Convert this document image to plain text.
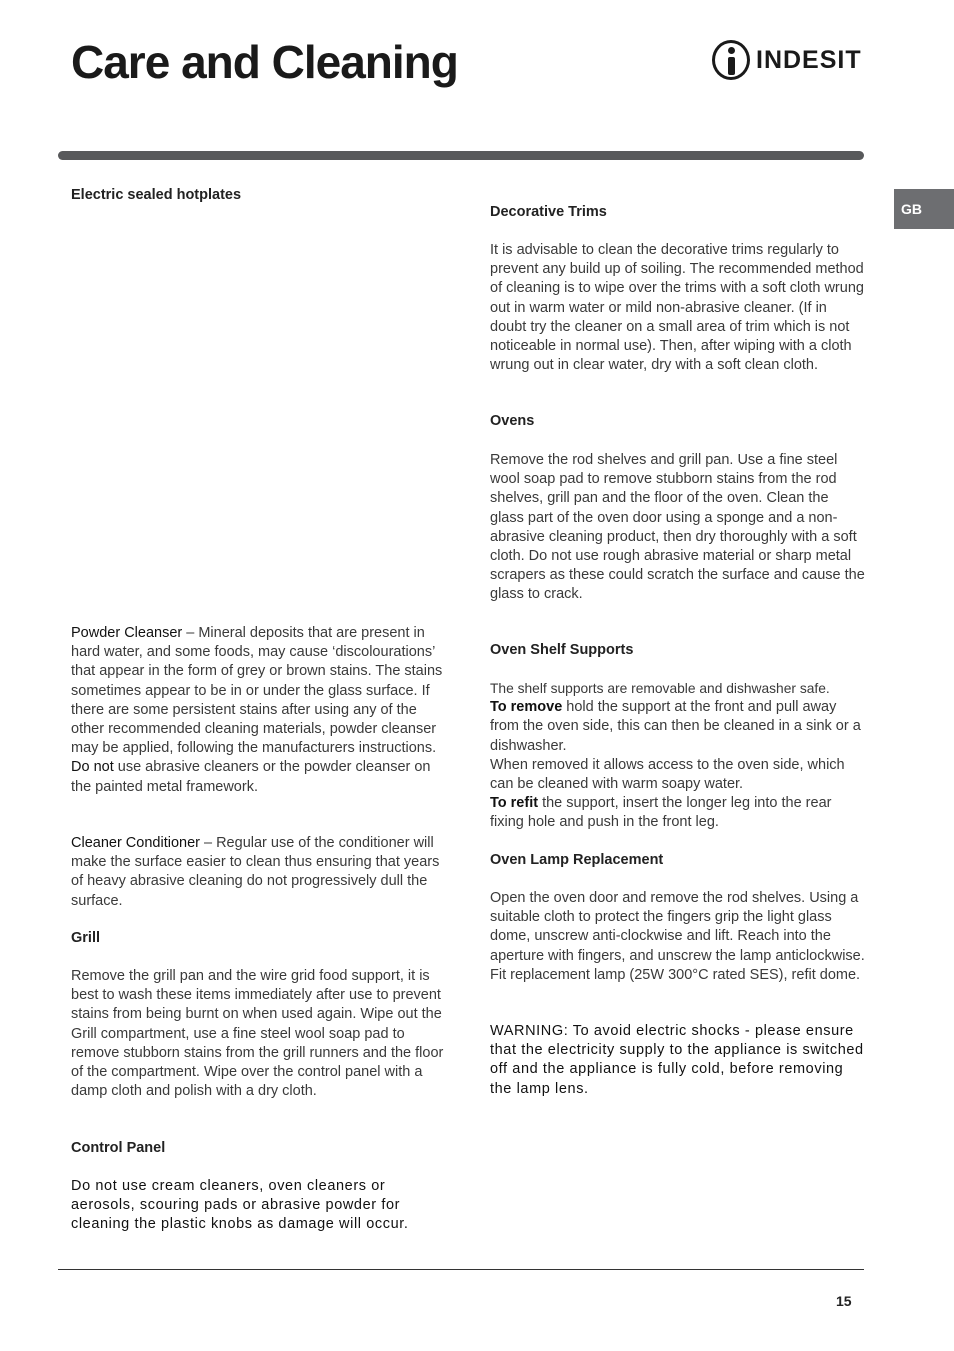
Care and Cleaning	INDESIT
GB
Electric sealed hotplates

Powder Cleanser – Mineral deposits that are present in hard water, and some foods, may cause ‘discolourations’ that appear in the form of grey or brown stains. The stains sometimes appear to be in or under the glass surface. If there are some persistent stains after using any of the other recommended cleaning materials, powder cleanser may be applied, following the manufacturers instructions. Do not use abrasive cleaners or the powder cleanser on the painted metal framework.

Cleaner Conditioner – Regular use of the conditioner will make the surface easier to clean thus ensuring that years of heavy abrasive cleaning do not progressively dull the surface.

Grill

Remove the grill pan and the wire grid food support, it is best to wash these items immediately after use to prevent stains from being burnt on when used again. Wipe out the Grill compartment, use a fine steel wool soap pad to remove stubborn stains from the grill runners and the floor of the compartment. Wipe over the control panel with a damp cloth and polish with a dry cloth.

Control Panel

Do not use cream cleaners, oven cleaners or aerosols, scouring pads or abrasive powder for cleaning the plastic knobs as damage will occur.

Decorative Trims

It is advisable to clean the decorative trims regularly to prevent any build up of soiling. The recommended method of cleaning is to wipe over the trims with a soft cloth wrung out in warm water or mild non-abrasive cleaner. (If in doubt try the cleaner on a small area of trim which is not noticeable in normal use). Then, after wiping with a cloth wrung out in clear water, dry with a soft clean cloth.

Ovens

Remove the rod shelves and grill pan. Use a fine steel wool soap pad to remove stubborn stains from the rod shelves, grill pan and the floor of the oven. Clean the glass part of the oven door using a sponge and a non-abrasive cleaning product, then dry thoroughly with a soft cloth. Do not use rough abrasive material or sharp metal scrapers as these could scratch the surface and cause the glass to crack.

Oven Shelf Supports

The shelf supports are removable and dishwasher safe.

To remove hold the support at the front and pull away from the oven side, this can then be cleaned in a sink or a dishwasher.

When removed it allows access to the oven side, which can be cleaned with warm soapy water.

To refit the support, insert the longer leg into the rear fixing hole and push in the front leg.

Oven Lamp Replacement

Open the oven door and remove the rod shelves. Using a suitable cloth to protect the fingers grip the light glass dome, unscrew anti-clockwise and lift. Reach into the aperture with fingers, and unscrew the lamp anticlockwise. Fit replacement lamp (25W 300°C rated SES), refit dome.

WARNING: To avoid electric shocks - please ensure that the electricity supply to the appliance is switched off and the appliance is fully cold, before removing the lamp lens.

15
